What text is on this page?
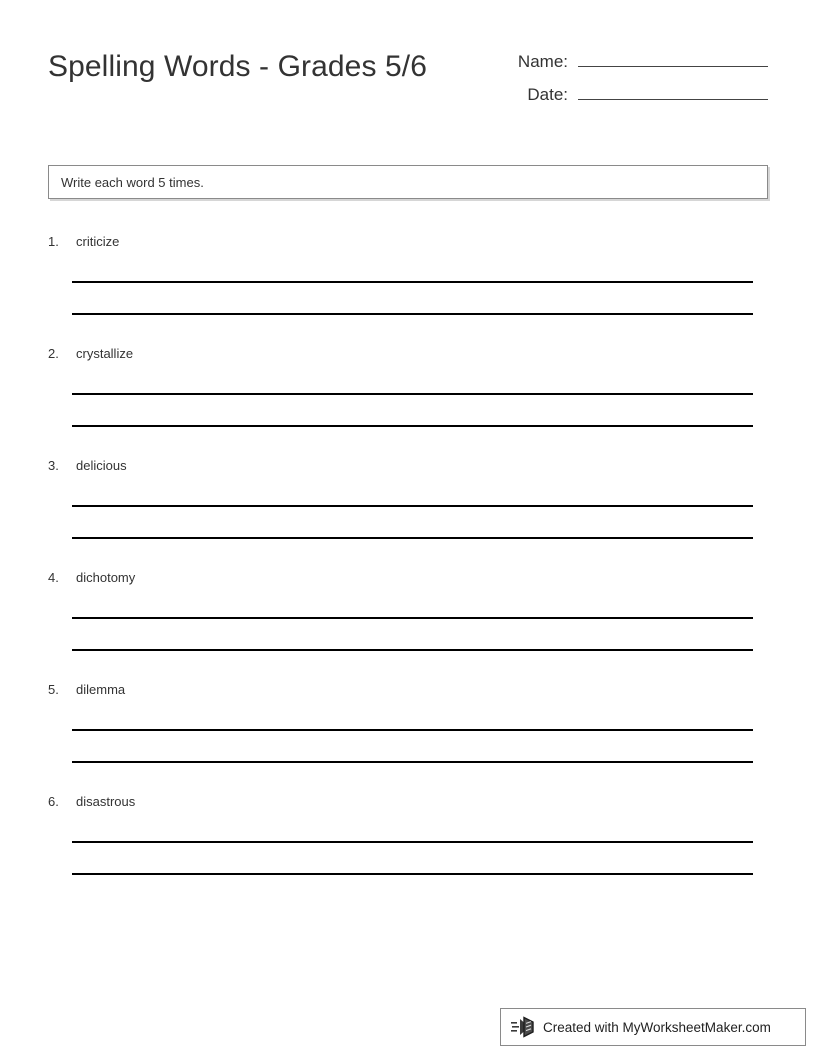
Spelling Words - Grades 5/6	Name:
Date:
Write each word 5 times.
1.	criticize
2.	crystallize
3.	delicious
4.	dichotomy
5.	dilemma
6.	disastrous
Created with MyWorksheetMaker.com
